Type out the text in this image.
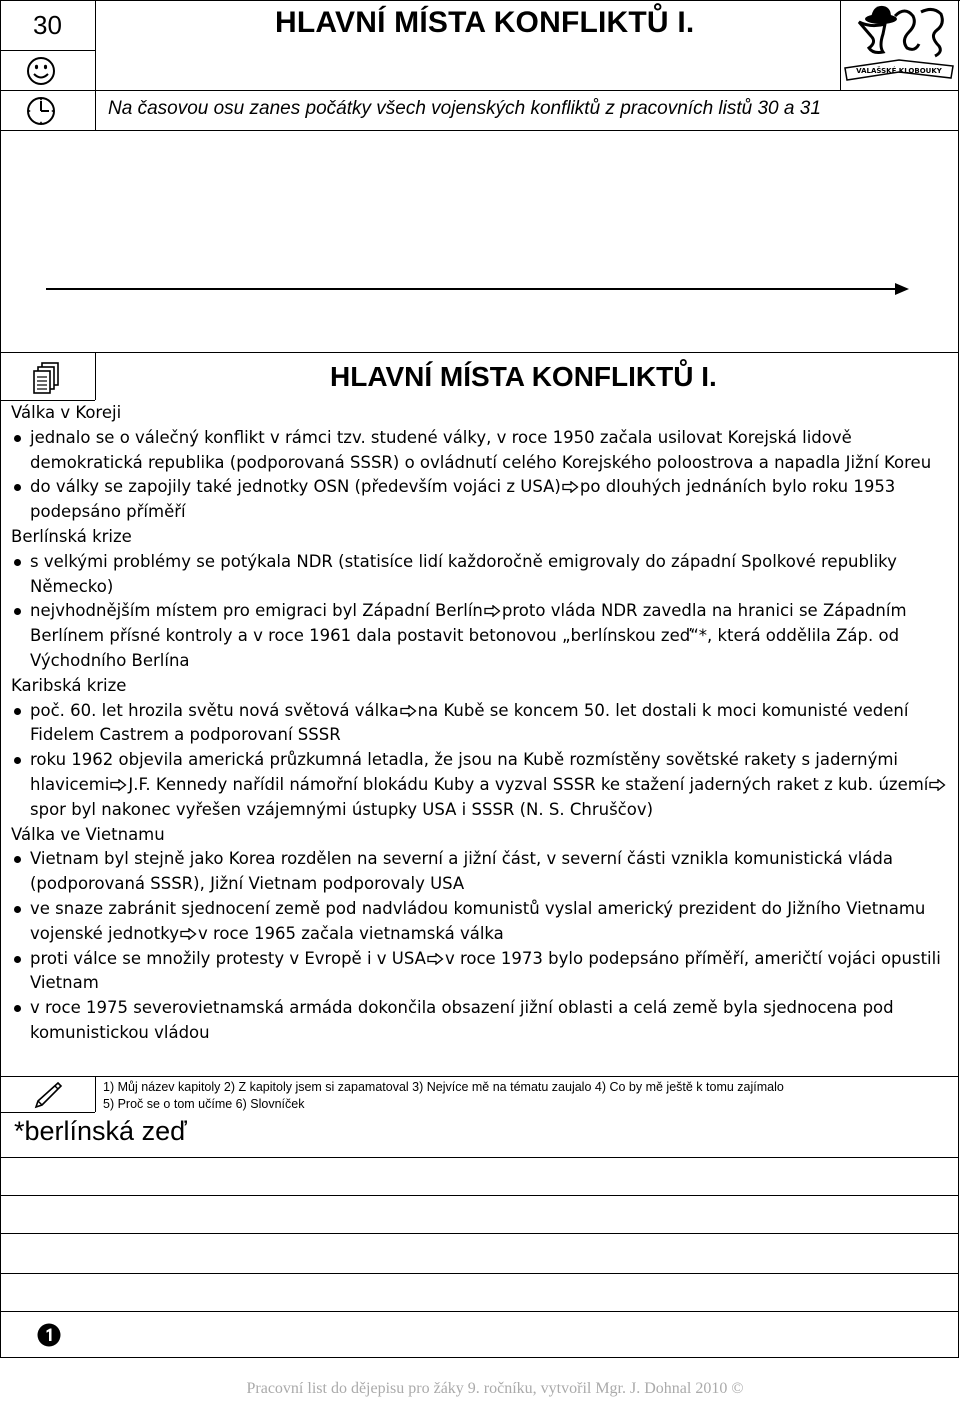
30	HLAVNÍ MÍSTA KONFLIKTŮ I.
VALAŠSKÉ KLOBOUKY
Na časovou osu zanes počátky všech vojenských konfliktů z pracovních listů 30 a 31
HLAVNÍ MÍSTA KONFLIKTŮ I.
Válka v Koreji
jednalo se o válečný konflikt v rámci tzv. studené války, v roce 1950 začala usilovat Korejská lidově demokratická republika (podporovaná SSSR) o ovládnutí celého Korejského poloostrova a napadla Jižní Koreu
do války se zapojily také jednotky OSN (především vojáci z USA) po dlouhých jednáních bylo roku 1953 podepsáno příměří
Berlínská krize
s velkými problémy se potýkala NDR (statisíce lidí každoročně emigrovaly do západní Spolkové republiky Německo)
nejvhodnějším místem pro emigraci byl Západní Berlín proto vláda NDR zavedla na hranici se Západním Berlínem přísné kontroly a v roce 1961 dala postavit betonovou „berlínskou zeď“*, která oddělila Záp. od Východního Berlína
Karibská krize
poč. 60. let hrozila světu nová světová válka na Kubě se koncem 50. let dostali k moci komunisté vedení Fidelem Castrem a podporovaní SSSR
roku 1962 objevila americká průzkumná letadla, že jsou na Kubě rozmístěny sovětské rakety s jadernými hlavicemi J.F. Kennedy nařídil námořní blokádu Kuby a vyzval SSSR ke stažení jaderných raket z kub. územíspor byl nakonec vyřešen vzájemnými ústupky USA i SSSR (N. S. Chruščov)
Válka ve Vietnamu
Vietnam byl stejně jako Korea rozdělen na severní a jižní část, v severní části vznikla komunistická vláda (podporovaná SSSR), Jižní Vietnam podporovaly USA
ve snaze zabránit sjednocení země pod nadvládou komunistů vyslal americký prezident do Jižního Vietnamu vojenské jednotky v roce 1965 začala vietnamská válka
proti válce se množily protesty v Evropě i v USA v roce 1973 bylo podepsáno příměří, američtí vojáci opustili Vietnam
v roce 1975 severovietnamská armáda dokončila obsazení jižní oblasti a celá země byla sjednocena pod komunistickou vládou
1) Můj název kapitoly 2) Z kapitoly jsem si zapamatoval 3) Nejvíce mě na tématu zaujalo 4) Co by mě ještě k tomu zajímalo
5) Proč se o tom učíme 6) Slovníček
*berlínská zeď
Pracovní list do dějepisu pro žáky 9. ročníku, vytvořil Mgr. J. Dohnal 2010 ©
